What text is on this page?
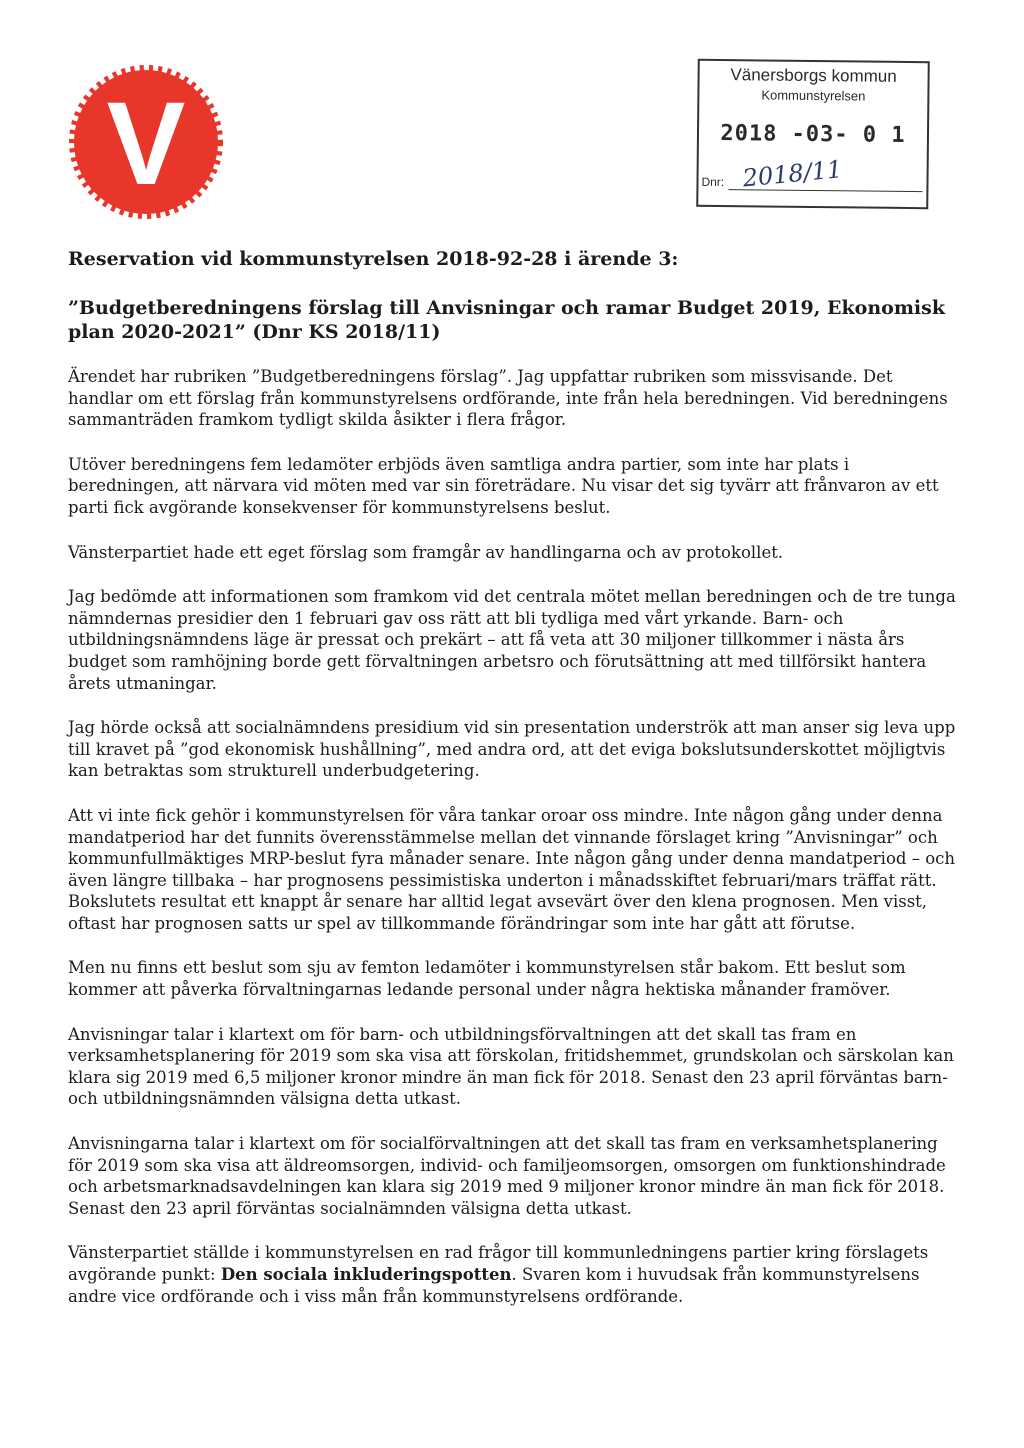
V
Vänersborgs kommun
Kommunstyrelsen
2018 -03- 0 1
Dnr: 2018/11
Reservation vid kommunstyrelsen 2018-92-28 i ärende 3:
”Budgetberedningens förslag till Anvisningar och ramar Budget 2019, Ekonomisk plan 2020-2021” (Dnr KS 2018/11)

Ärendet har rubriken ”Budgetberedningens förslag”. Jag uppfattar rubriken som missvisande. Det handlar om ett förslag från kommunstyrelsens ordförande, inte från hela beredningen. Vid beredningens sammanträden framkom tydligt skilda åsikter i flera frågor.

Utöver beredningens fem ledamöter erbjöds även samtliga andra partier, som inte har plats i beredningen, att närvara vid möten med var sin företrädare. Nu visar det sig tyvärr att frånvaron av ett parti fick avgörande konsekvenser för kommunstyrelsens beslut.

Vänsterpartiet hade ett eget förslag som framgår av handlingarna och av protokollet.

Jag bedömde att informationen som framkom vid det centrala mötet mellan beredningen och de tre tunga nämndernas presidier den 1 februari gav oss rätt att bli tydliga med vårt yrkande. Barn- och utbildningsnämndens läge är pressat och prekärt – att få veta att 30 miljoner tillkommer i nästa års budget som ramhöjning borde gett förvaltningen arbetsro och förutsättning att med tillförsikt hantera årets utmaningar.

Jag hörde också att socialnämndens presidium vid sin presentation underströk att man anser sig leva upp till kravet på ”god ekonomisk hushållning”, med andra ord, att det eviga bokslutsunderskottet möjligtvis kan betraktas som strukturell underbudgetering.

Att vi inte fick gehör i kommunstyrelsen för våra tankar oroar oss mindre. Inte någon gång under denna mandatperiod har det funnits överensstämmelse mellan det vinnande förslaget kring ”Anvisningar” och kommunfullmäktiges MRP-beslut fyra månader senare. Inte någon gång under denna mandatperiod – och även längre tillbaka – har prognosens pessimistiska underton i månadsskiftet februari/mars träffat rätt. Bokslutets resultat ett knappt år senare har alltid legat avsevärt över den klena prognosen. Men visst, oftast har prognosen satts ur spel av tillkommande förändringar som inte har gått att förutse.

Men nu finns ett beslut som sju av femton ledamöter i kommunstyrelsen står bakom. Ett beslut som kommer att påverka förvaltningarnas ledande personal under några hektiska månander framöver.

Anvisningar talar i klartext om för barn- och utbildningsförvaltningen att det skall tas fram en verksamhetsplanering för 2019 som ska visa att förskolan, fritidshemmet, grundskolan och särskolan kan klara sig 2019 med 6,5 miljoner kronor mindre än man fick för 2018. Senast den 23 april förväntas barn- och utbildningsnämnden välsigna detta utkast.

Anvisningarna talar i klartext om för socialförvaltningen att det skall tas fram en verksamhetsplanering för 2019 som ska visa att äldreomsorgen, individ- och familjeomsorgen, omsorgen om funktionshindrade och arbetsmarknadsavdelningen kan klara sig 2019 med 9 miljoner kronor mindre än man fick för 2018. Senast den 23 april förväntas socialnämnden välsigna detta utkast.

Vänsterpartiet ställde i kommunstyrelsen en rad frågor till kommunledningens partier kring förslagets avgörande punkt: Den sociala inkluderingspotten. Svaren kom i huvudsak från kommunstyrelsens andre vice ordförande och i viss mån från kommunstyrelsens ordförande.
